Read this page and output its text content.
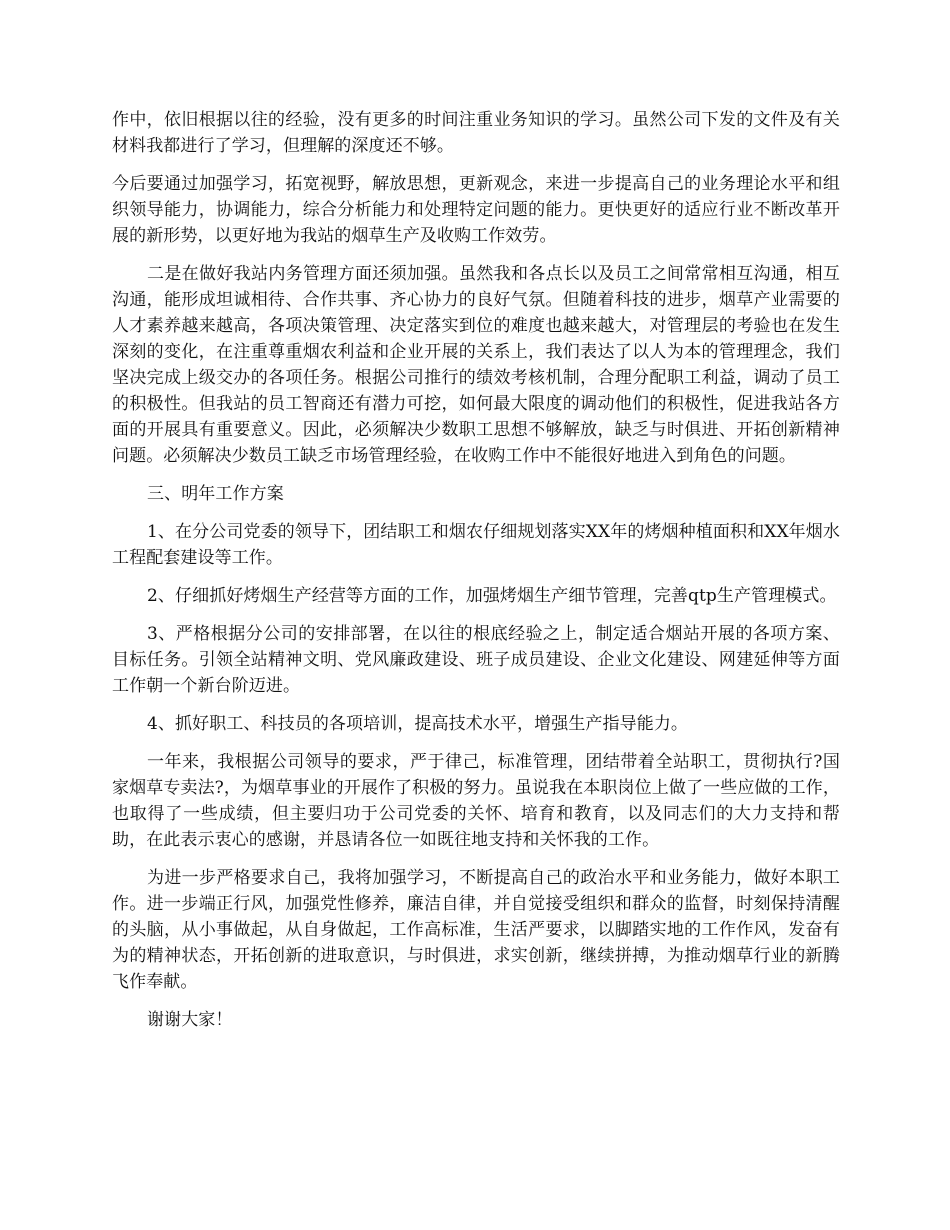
作中，依旧根据以往的经验，没有更多的时间注重业务知识的学习。虽然公司下发的文件及有关材料我都进行了学习，但理解的深度还不够。

今后要通过加强学习，拓宽视野，解放思想，更新观念，来进一步提高自己的业务理论水平和组织领导能力，协调能力，综合分析能力和处理特定问题的能力。更快更好的适应行业不断改革开展的新形势，以更好地为我站的烟草生产及收购工作效劳。

二是在做好我站内务管理方面还须加强。虽然我和各点长以及员工之间常常相互沟通，相互沟通，能形成坦诚相待、合作共事、齐心协力的良好气氛。但随着科技的进步，烟草产业需要的人才素养越来越高，各项决策管理、决定落实到位的难度也越来越大，对管理层的考验也在发生深刻的变化，在注重尊重烟农利益和企业开展的关系上，我们表达了以人为本的管理理念，我们坚决完成上级交办的各项任务。根据公司推行的绩效考核机制，合理分配职工利益，调动了员工的积极性。但我站的员工智商还有潜力可挖，如何最大限度的调动他们的积极性，促进我站各方面的开展具有重要意义。因此，必须解决少数职工思想不够解放，缺乏与时俱进、开拓创新精神问题。必须解决少数员工缺乏市场管理经验，在收购工作中不能很好地进入到角色的问题。

三、明年工作方案

1、在分公司党委的领导下，团结职工和烟农仔细规划落实XX年的烤烟种植面积和XX年烟水工程配套建设等工作。

2、仔细抓好烤烟生产经营等方面的工作，加强烤烟生产细节管理，完善qtp生产管理模式。

3、严格根据分公司的安排部署，在以往的根底经验之上，制定适合烟站开展的各项方案、目标任务。引领全站精神文明、党风廉政建设、班子成员建设、企业文化建设、网建延伸等方面工作朝一个新台阶迈进。

4、抓好职工、科技员的各项培训，提高技术水平，增强生产指导能力。

一年来，我根据公司领导的要求，严于律己，标准管理，团结带着全站职工，贯彻执行?国家烟草专卖法?，为烟草事业的开展作了积极的努力。虽说我在本职岗位上做了一些应做的工作，也取得了一些成绩，但主要归功于公司党委的关怀、培育和教育，以及同志们的大力支持和帮助，在此表示衷心的感谢，并恳请各位一如既往地支持和关怀我的工作。

为进一步严格要求自己，我将加强学习，不断提高自己的政治水平和业务能力，做好本职工作。进一步端正行风，加强党性修养，廉洁自律，并自觉接受组织和群众的监督，时刻保持清醒的头脑，从小事做起，从自身做起，工作高标准，生活严要求，以脚踏实地的工作作风，发奋有为的精神状态，开拓创新的进取意识，与时俱进，求实创新，继续拼搏，为推动烟草行业的新腾飞作奉献。

谢谢大家！
